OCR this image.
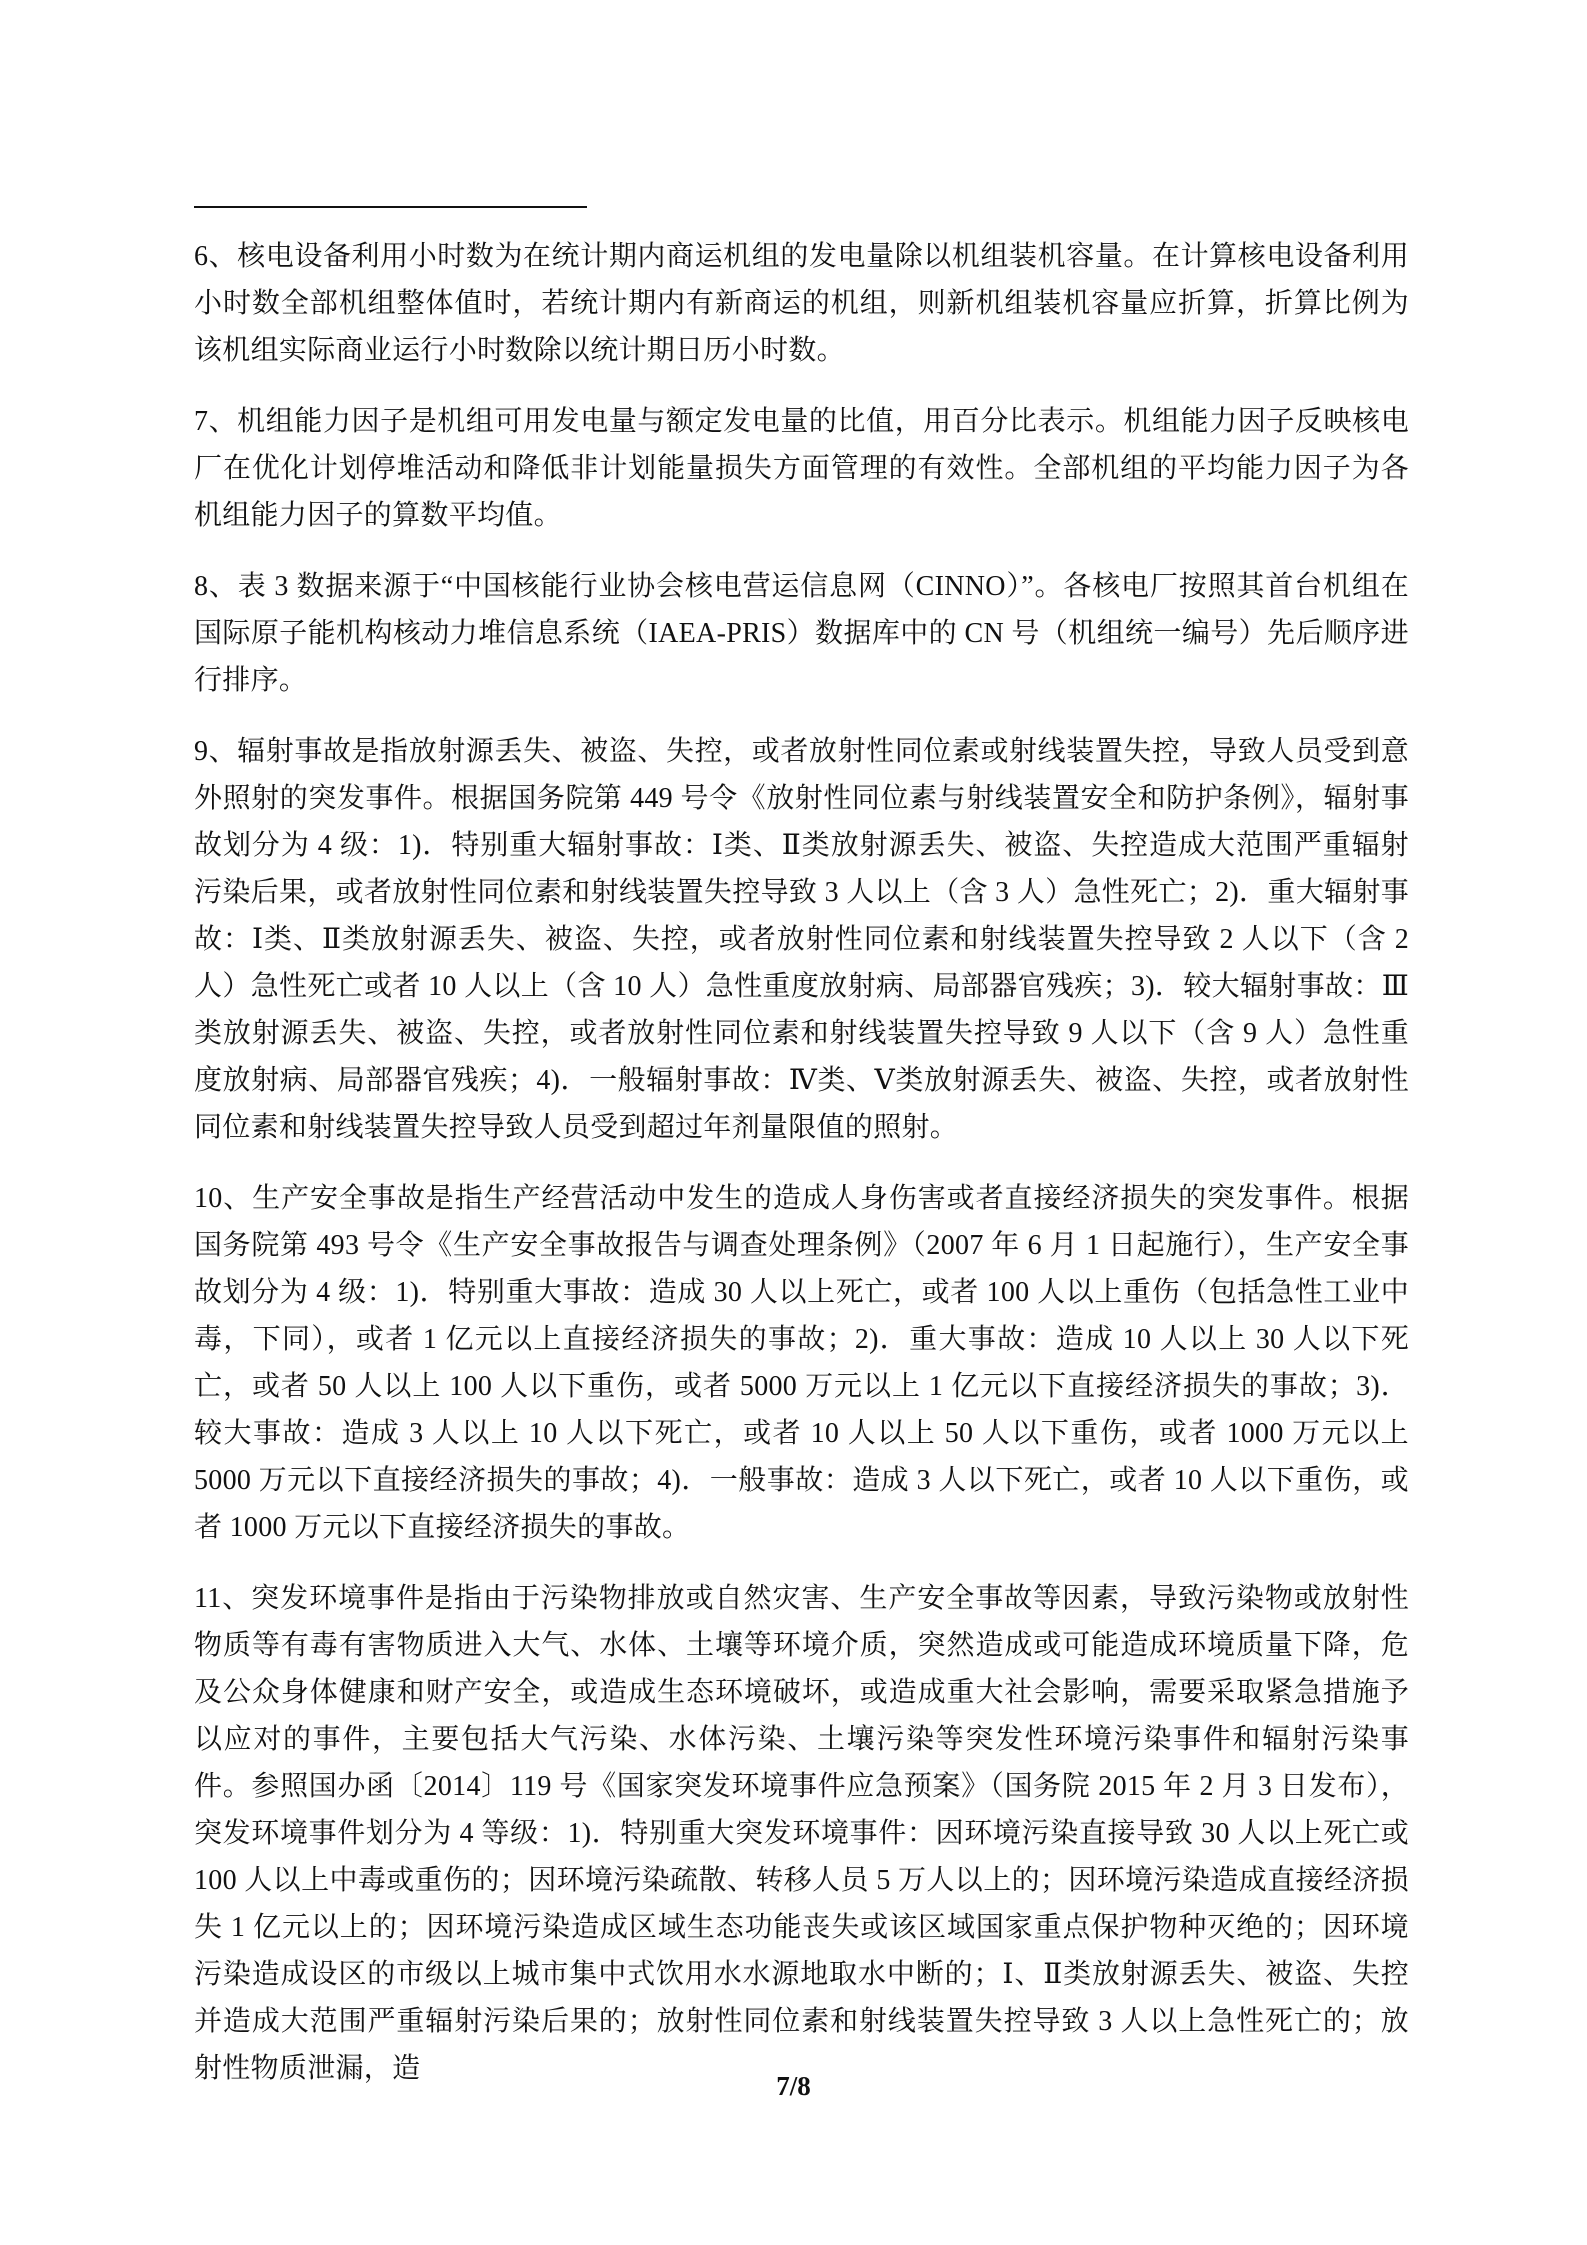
6、核电设备利用小时数为在统计期内商运机组的发电量除以机组装机容量。在计算核电设备利用小时数全部机组整体值时，若统计期内有新商运的机组，则新机组装机容量应折算，折算比例为该机组实际商业运行小时数除以统计期日历小时数。

7、机组能力因子是机组可用发电量与额定发电量的比值，用百分比表示。机组能力因子反映核电厂在优化计划停堆活动和降低非计划能量损失方面管理的有效性。全部机组的平均能力因子为各机组能力因子的算数平均值。

8、表 3 数据来源于“中国核能行业协会核电营运信息网（CINNO）”。各核电厂按照其首台机组在国际原子能机构核动力堆信息系统（IAEA-PRIS）数据库中的 CN 号（机组统一编号）先后顺序进行排序。

9、辐射事故是指放射源丢失、被盗、失控，或者放射性同位素或射线装置失控，导致人员受到意外照射的突发事件。根据国务院第 449 号令《放射性同位素与射线装置安全和防护条例》，辐射事故划分为 4 级：1)．特别重大辐射事故：Ⅰ类、Ⅱ类放射源丢失、被盗、失控造成大范围严重辐射污染后果，或者放射性同位素和射线装置失控导致 3 人以上（含 3 人）急性死亡；2)．重大辐射事故：Ⅰ类、Ⅱ类放射源丢失、被盗、失控，或者放射性同位素和射线装置失控导致 2 人以下（含 2 人）急性死亡或者 10 人以上（含 10 人）急性重度放射病、局部器官残疾；3)．较大辐射事故：Ⅲ类放射源丢失、被盗、失控，或者放射性同位素和射线装置失控导致 9 人以下（含 9 人）急性重度放射病、局部器官残疾；4)．一般辐射事故：Ⅳ类、Ⅴ类放射源丢失、被盗、失控，或者放射性同位素和射线装置失控导致人员受到超过年剂量限值的照射。

10、生产安全事故是指生产经营活动中发生的造成人身伤害或者直接经济损失的突发事件。根据国务院第 493 号令《生产安全事故报告与调查处理条例》（2007 年 6 月 1 日起施行），生产安全事故划分为 4 级：1)．特别重大事故：造成 30 人以上死亡，或者 100 人以上重伤（包括急性工业中毒，下同），或者 1 亿元以上直接经济损失的事故；2)．重大事故：造成 10 人以上 30 人以下死亡，或者 50 人以上 100 人以下重伤，或者 5000 万元以上 1 亿元以下直接经济损失的事故；3)．较大事故：造成 3 人以上 10 人以下死亡，或者 10 人以上 50 人以下重伤，或者 1000 万元以上 5000 万元以下直接经济损失的事故；4)．一般事故：造成 3 人以下死亡，或者 10 人以下重伤，或者 1000 万元以下直接经济损失的事故。

11、突发环境事件是指由于污染物排放或自然灾害、生产安全事故等因素，导致污染物或放射性物质等有毒有害物质进入大气、水体、土壤等环境介质，突然造成或可能造成环境质量下降，危及公众身体健康和财产安全，或造成生态环境破坏，或造成重大社会影响，需要采取紧急措施予以应对的事件，主要包括大气污染、水体污染、土壤污染等突发性环境污染事件和辐射污染事件。参照国办函〔2014〕119 号《国家突发环境事件应急预案》（国务院 2015 年 2 月 3 日发布），突发环境事件划分为 4 等级：1)．特别重大突发环境事件：因环境污染直接导致 30 人以上死亡或 100 人以上中毒或重伤的；因环境污染疏散、转移人员 5 万人以上的；因环境污染造成直接经济损失 1 亿元以上的；因环境污染造成区域生态功能丧失或该区域国家重点保护物种灭绝的；因环境污染造成设区的市级以上城市集中式饮用水水源地取水中断的；Ⅰ、Ⅱ类放射源丢失、被盗、失控并造成大范围严重辐射污染后果的；放射性同位素和射线装置失控导致 3 人以上急性死亡的；放射性物质泄漏，造

7/8
